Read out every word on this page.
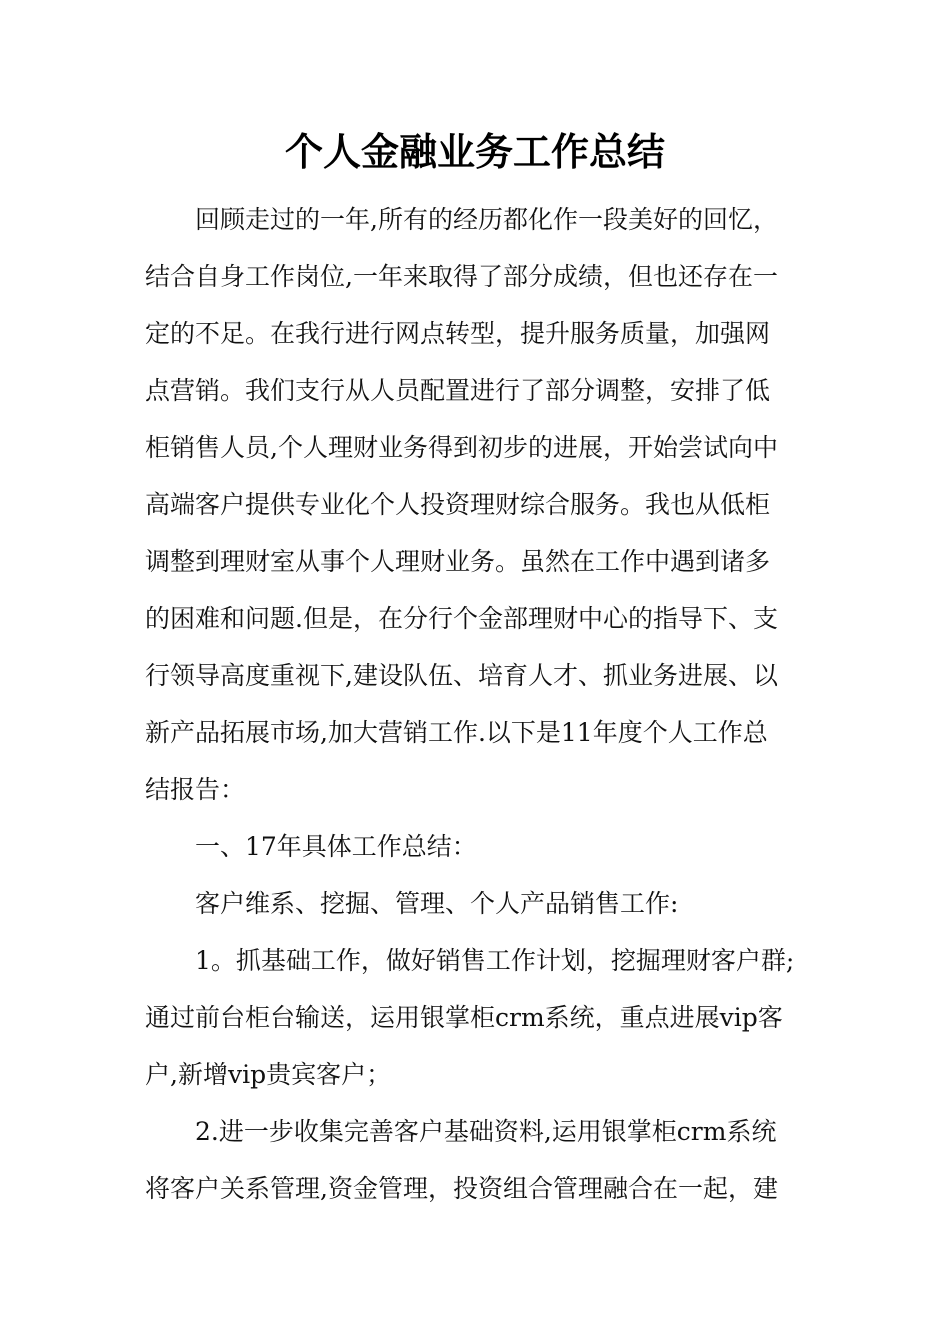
个人金融业务工作总结
回顾走过的一年,所有的经历都化作一段美好的回忆，
结合自身工作岗位,一年来取得了部分成绩，但也还存在一
定的不足。在我行进行网点转型，提升服务质量，加强网
点营销。我们支行从人员配置进行了部分调整，安排了低
柜销售人员,个人理财业务得到初步的进展，开始尝试向中
高端客户提供专业化个人投资理财综合服务。我也从低柜
调整到理财室从事个人理财业务。虽然在工作中遇到诸多
的困难和问题.但是，在分行个金部理财中心的指导下、支
行领导高度重视下,建设队伍、培育人才、抓业务进展、以
新产品拓展市场,加大营销工作.以下是11年度个人工作总
结报告：
一、17年具体工作总结：
客户维系、挖掘、管理、个人产品销售工作:
1。抓基础工作，做好销售工作计划，挖掘理财客户群;
通过前台柜台输送，运用银掌柜crm系统，重点进展vip客
户,新增vip贵宾客户；
2.进一步收集完善客户基础资料,运用银掌柜crm系统
将客户关系管理,资金管理，投资组合管理融合在一起，建
